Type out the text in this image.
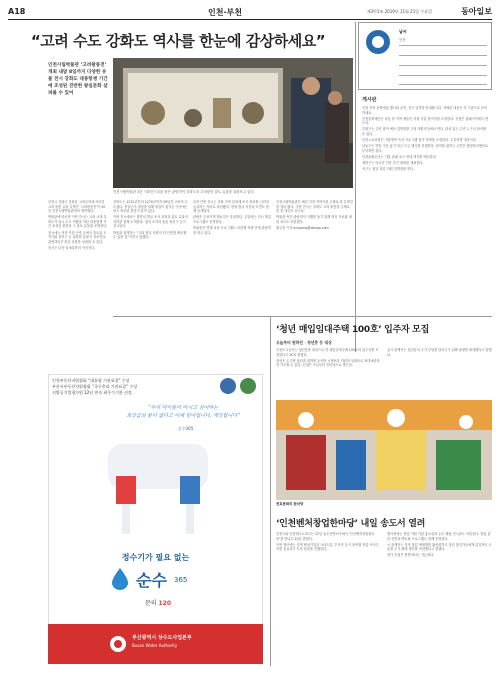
A18	인천·부천	제3만1조 2019년 11월 21일 수요일	동아일보
“고려 수도 강화도 역사를 한눈에 감상하세요”
인천시립박물관 ‘고려왕릉전’ 개최 내달 8일까지 다양한 유물 전시 강화도 대몽항쟁 기간에 조성된 진반한 왕실문화 살펴볼 수 있어
인천시립박물관 3층 기획전시실을 찾은 관람객이 강화도의 고려왕릉 출토 유물을 살펴보고 있다.

인천시 강화군 강화읍 고려궁지에 자리한 고려 왕릉 유물 특별전 ‘고려왕릉전’이 20일 인천시립박물관에서 개막했다.

박물관에 따르면 이번 전시는 고려 시대 강화도가 임시 수도 역할을 하던 대몽항쟁 기간 조성된 왕릉과 그 출토 유물을 조명한다.

전시에는 석릉·가릉·곤릉 등에서 출토된 도자기와 장신구 등 다양한 유물이 선보인다. 관람객들은 왕실 문화를 살펴볼 수 있다.

전시는 다음 달 8일까지 이어진다.

강화도는 1232년부터 1270년까지 39년간 고려의 수도였다. 몽골군의 침입을 피해 왕실이 옮겨온 이곳에는 당시 축조된 왕릉이 남아 있다.

이번 전시에서는 왕릉의 발굴 조사 과정과 출토 유물의 의미를 함께 소개한다. 청자 조각과 청동 장신구 등이 전시된다.

박물관 관계자는 “고려 왕실 문화의 한 단면을 확인할 수 있을 것”이라고 말했다.

특히 이번 전시는 강화 지역 문화재 조사 성과를 시민과 공유하는 자리로 마련됐다. 현장 발굴 사진과 도면도 함께 공개된다.

관람은 무료이며 월요일은 휴관한다. 주말에는 전시 해설 프로그램도 운영한다.

박물관은 연계 교육 프로그램도 마련해 학생 단체 관람객을 받고 있다.

인천시립박물관은 매년 인천 지역사를 주제로 한 특별전을 열어 왔다. 이번 전시는 강화도 고려 왕릉을 주제로 한 첫 대규모 전시다.

박물관 측은 관람객의 이해를 돕기 위해 영상 자료와 체험 코너도 마련했다.

황금천 기자 kchwang@donga.com

날씨
인천
게시판

인천 지역 문화예술 행사와 공연, 전시 일정을 안내합니다. 자세한 내용은 각 기관으로 문의하세요.

인천문화재단은 다음 달 지역 예술인 지원 사업 참여자를 모집한다. 신청은 홈페이지에서 받는다.

부평구는 주민 참여 예산 설명회를 구청 대회의실에서 연다. 관심 있는 주민 누구나 참석할 수 있다.

인천시교육청은 겨울방학 독서 프로그램 참가 학생을 모집한다. 초중학생 대상이다.

남동구는 연말 이웃 돕기 성금 모금 행사를 진행한다. 참여를 원하는 주민은 행정복지센터로 문의하면 된다.

인천관광공사는 겨울 관광 코스 안내 책자를 배포한다.

계양구는 어르신 건강 걷기 대회를 개최한다.

서구는 청년 창업 지원 설명회를 연다.

‘청년 매입임대주택 100호’ 입주자 모집
오늘부터 원하던 · 청년층 등 대상

인천도시공사는 청년층을 대상으로 한 매입임대주택 100호의 입주자를 모집한다고 20일 밝혔다.

대상은 무주택 청년과 대학생 등이며 시세보다 저렴한 임대료로 최대 6년까지 거주할 수 있다. 신청은 오늘부터 인터넷으로 받는다.

공사 관계자는 청년들의 주거 부담을 덜어주기 위해 물량을 확대했다고 말했다.

천호문화의 한마당
‘인천벤처창업한마당’ 내일 송도서 열려

인천시와 인천테크노파크는 22일 송도컨벤시아에서 ‘인천벤처창업한마당’을 연다고 20일 밝혔다.

이번 행사에는 지역 벤처기업과 스타트업, 투자자 등이 참여해 창업 아이디어를 공유하고 투자 상담을 진행한다.

행사장에는 창업 지원 기관 홍보관과 우수 제품 전시관도 마련된다. 창업 관련 강연과 멘토링 프로그램도 함께 운영된다.

시 관계자는 지역 창업 생태계를 활성화하고 청년 창업가들에게 실질적인 도움을 주기 위해 행사를 마련했다고 말했다.

참가 신청은 현장에서도 가능하다.

인천부동산지원협회 “대통령 기관표창” 수상
부산시부동산지원협회 “국무총리 기관표창” 수상
지방공기업평가원 12년 연속 최우수기관 선정
“우리 아이들이 마시고 싶어하는
최상급의 물이 없다고 이제 믿어집니다, 깨끗합니다”
순수365
정수기가 필요 없는
순수 365
문의 120
부산광역시 상수도사업본부
Busan Water Authority
